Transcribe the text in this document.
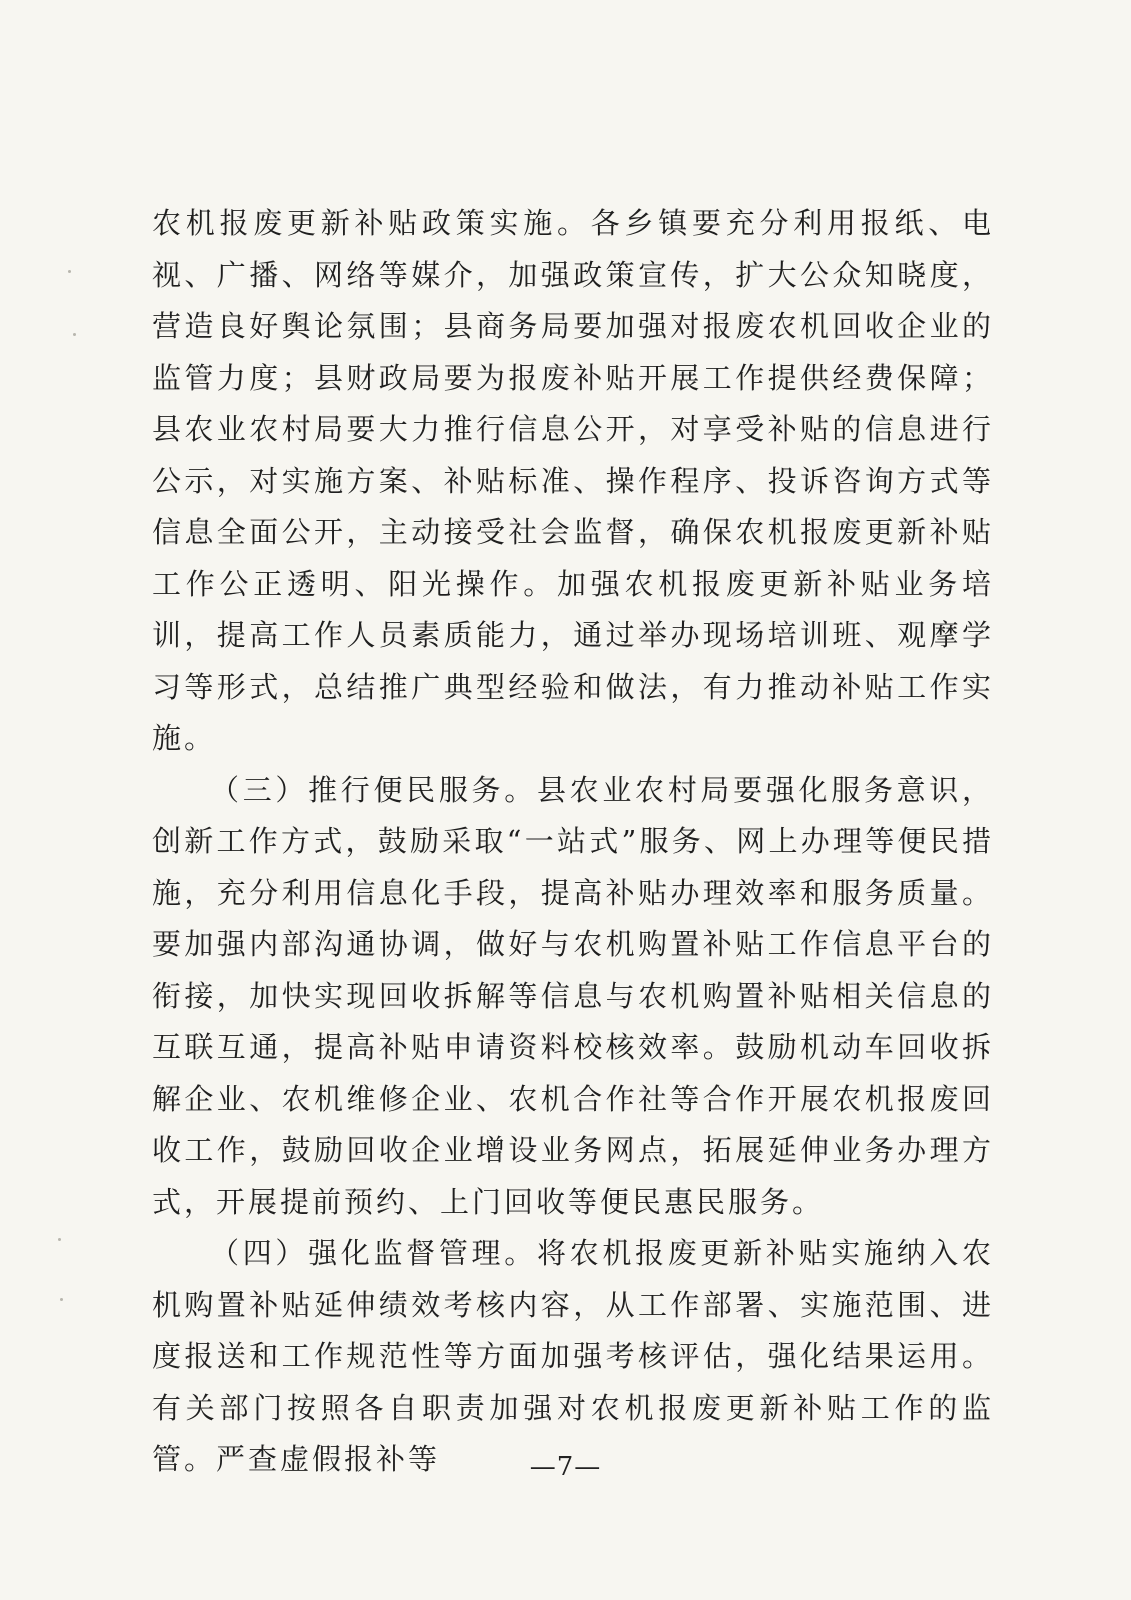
农机报废更新补贴政策实施。各乡镇要充分利用报纸、电视、广播、网络等媒介，加强政策宣传，扩大公众知晓度，营造良好舆论氛围；县商务局要加强对报废农机回收企业的监管力度；县财政局要为报废补贴开展工作提供经费保障；县农业农村局要大力推行信息公开，对享受补贴的信息进行公示，对实施方案、补贴标准、操作程序、投诉咨询方式等信息全面公开，主动接受社会监督，确保农机报废更新补贴工作公正透明、阳光操作。加强农机报废更新补贴业务培训，提高工作人员素质能力，通过举办现场培训班、观摩学习等形式，总结推广典型经验和做法，有力推动补贴工作实施。

（三）推行便民服务。县农业农村局要强化服务意识，创新工作方式，鼓励采取“一站式”服务、网上办理等便民措施，充分利用信息化手段，提高补贴办理效率和服务质量。要加强内部沟通协调，做好与农机购置补贴工作信息平台的衔接，加快实现回收拆解等信息与农机购置补贴相关信息的互联互通，提高补贴申请资料校核效率。鼓励机动车回收拆解企业、农机维修企业、农机合作社等合作开展农机报废回收工作，鼓励回收企业增设业务网点，拓展延伸业务办理方式，开展提前预约、上门回收等便民惠民服务。

（四）强化监督管理。将农机报废更新补贴实施纳入农机购置补贴延伸绩效考核内容，从工作部署、实施范围、进度报送和工作规范性等方面加强考核评估，强化结果运用。有关部门按照各自职责加强对农机报废更新补贴工作的监管。严查虚假报补等	—7—
